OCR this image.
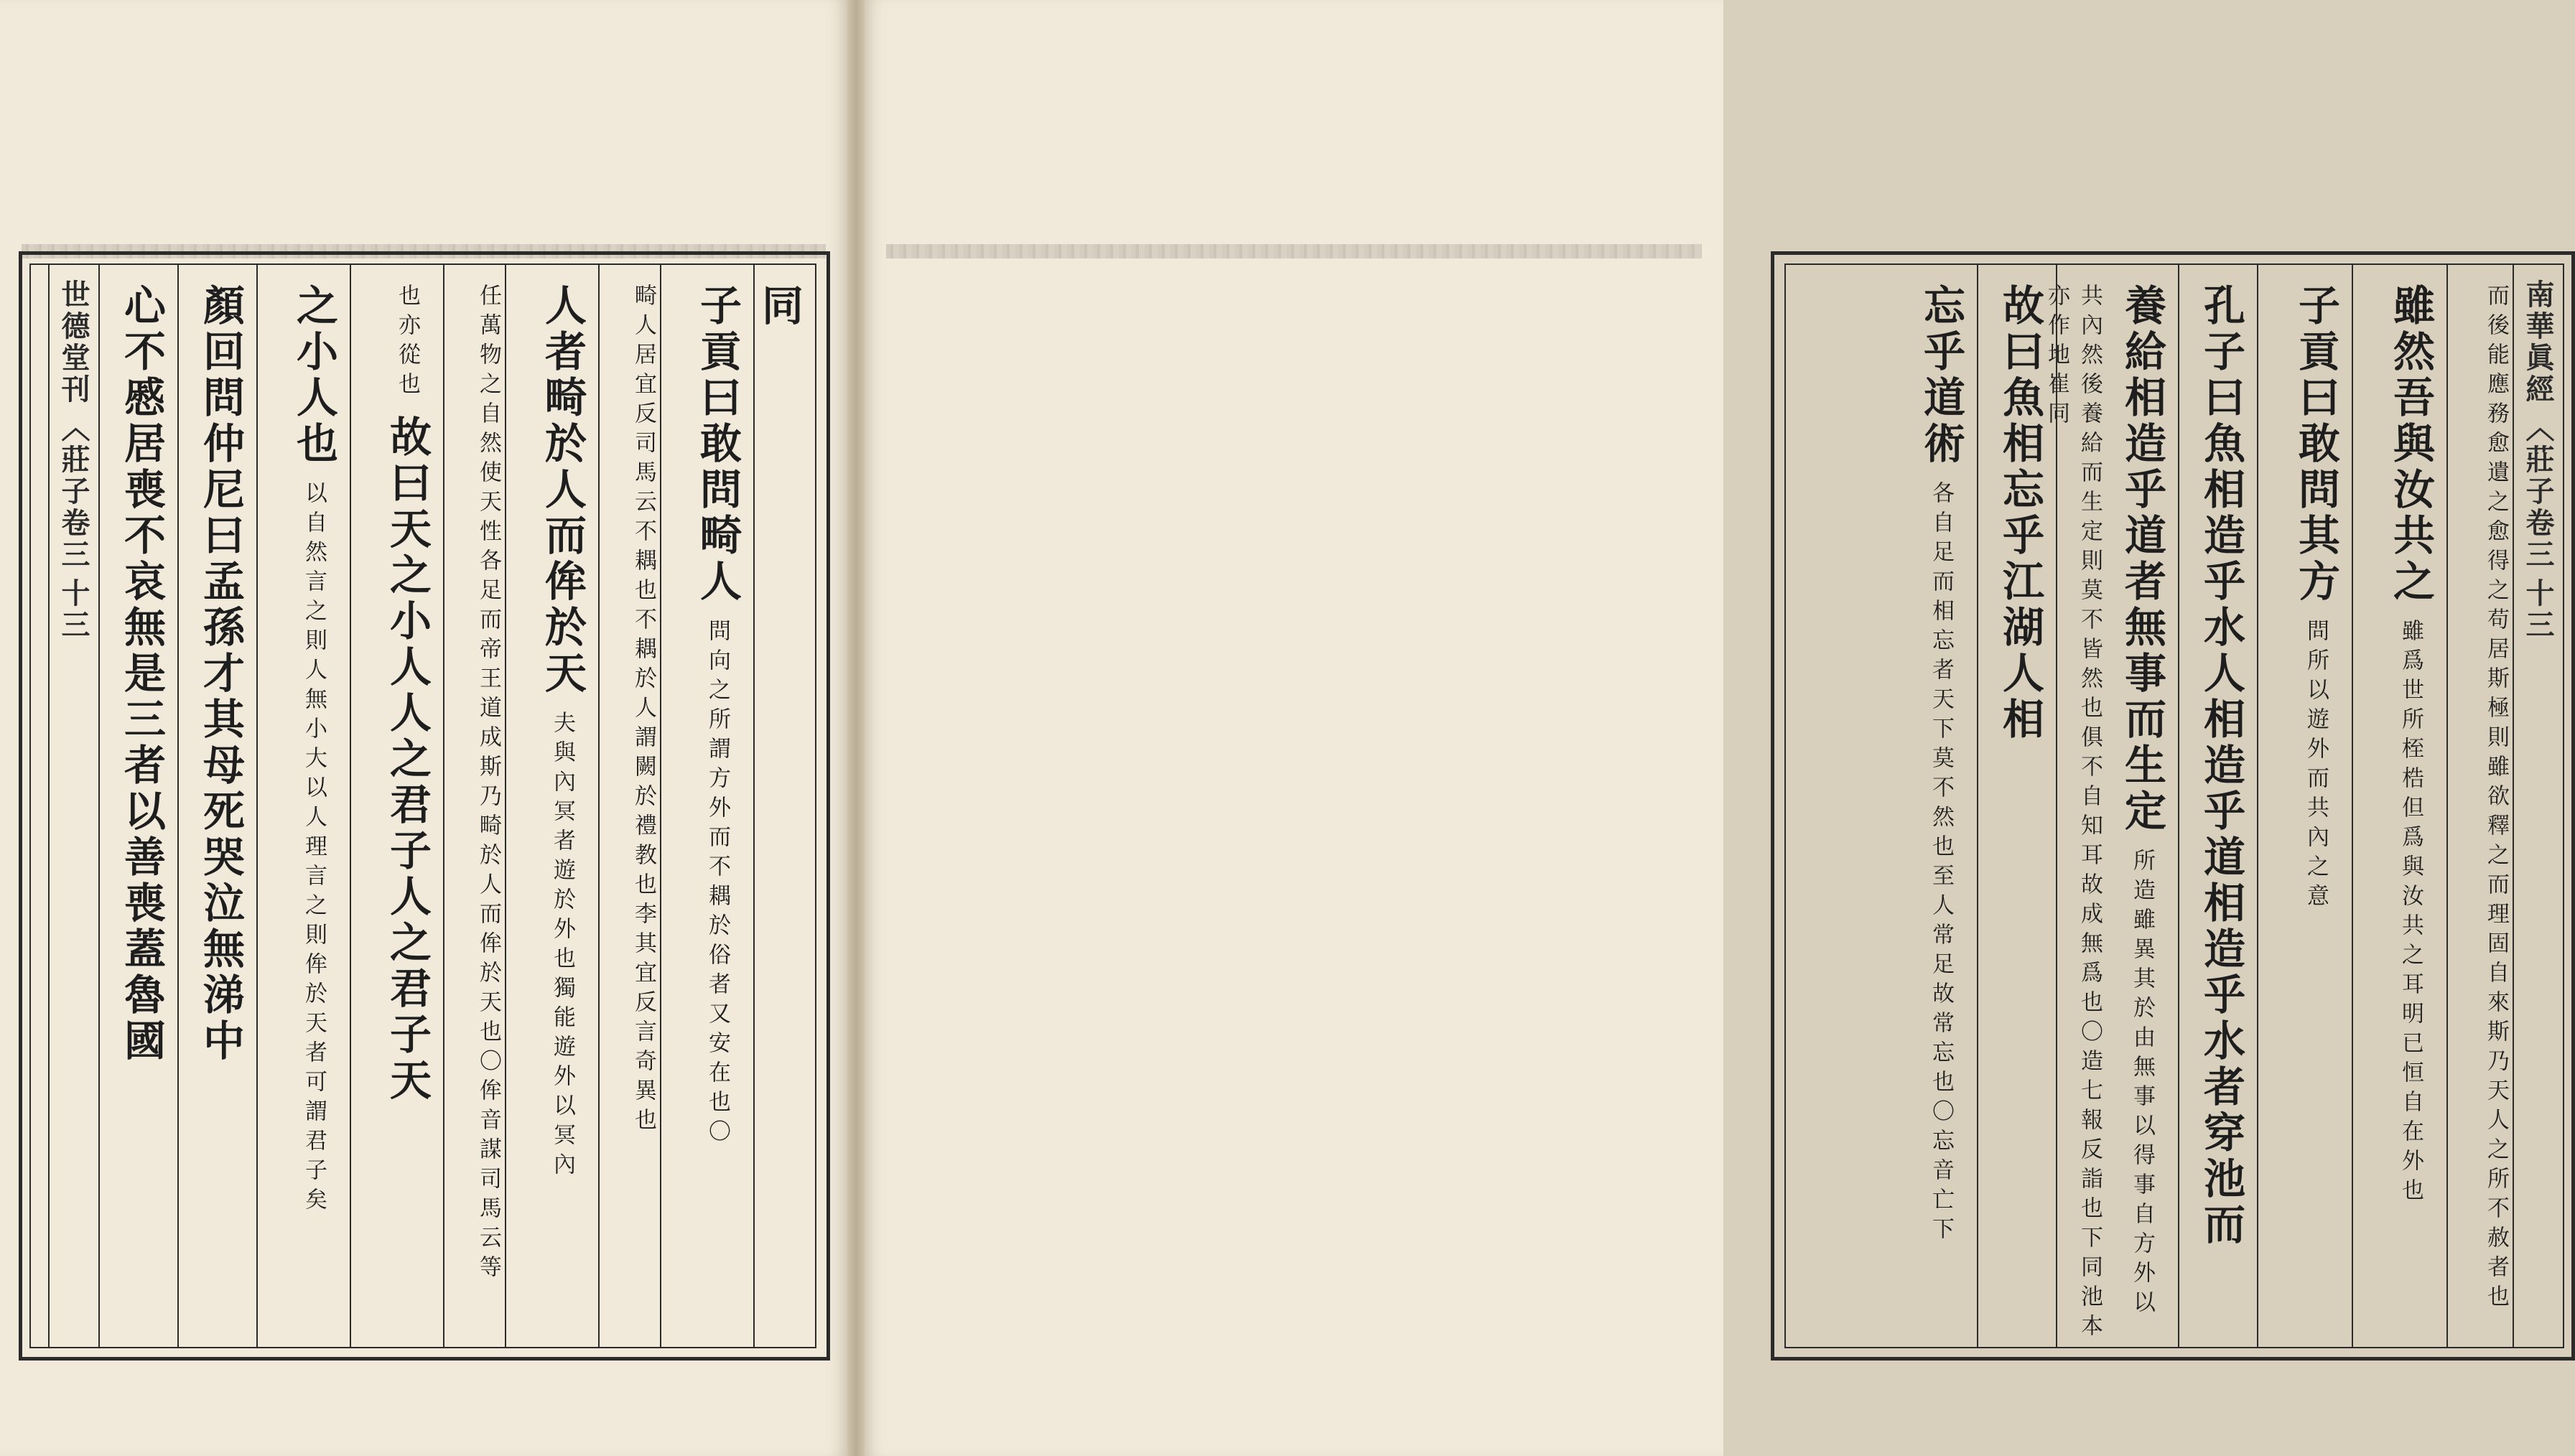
同
子貢曰敢問畸人 問向之所謂方外而不耦於俗者又安在也〇
畸人居宜反司馬云不耦也不耦於人謂闕於禮教也李其宜反言奇異也
人者畸於人而侔於天 夫與內冥者遊於外也獨能遊外以冥內
任萬物之自然使天性各足而帝王道成斯乃畸於人而侔於天也〇侔音謀司馬云等
也亦從也 故曰天之小人人之君子人之君子天
之小人也 以自然言之則人無小大以人理言之則侔於天者可謂君子矣
顏回問仲尼曰孟孫才其母死哭泣無涕中
心不慼居喪不哀無是三者以善喪蓋魯國
世德堂刊〈莊子卷三十三
南華眞經〈莊子卷三十三
而後能應務愈遺之愈得之苟居斯極則雖欲釋之而理固自來斯乃天人之所不赦者也
雖然吾與汝共之 雖爲世所桎梏但爲與汝共之耳明已恒自在外也
子貢曰敢問其方 問所以遊外而共內之意
孔子曰魚相造乎水人相造乎道相造乎水者穿池而
養給相造乎道者無事而生定 所造雖異其於由無事以得事自方外以共內然後養給而生定則莫不皆然也俱不自知耳故成無爲也〇造七報反詣也下同池本亦作地崔同
故曰魚相忘乎江湖人相
忘乎道術 各自足而相忘者天下莫不然也至人常足故常忘也〇忘音亡下
